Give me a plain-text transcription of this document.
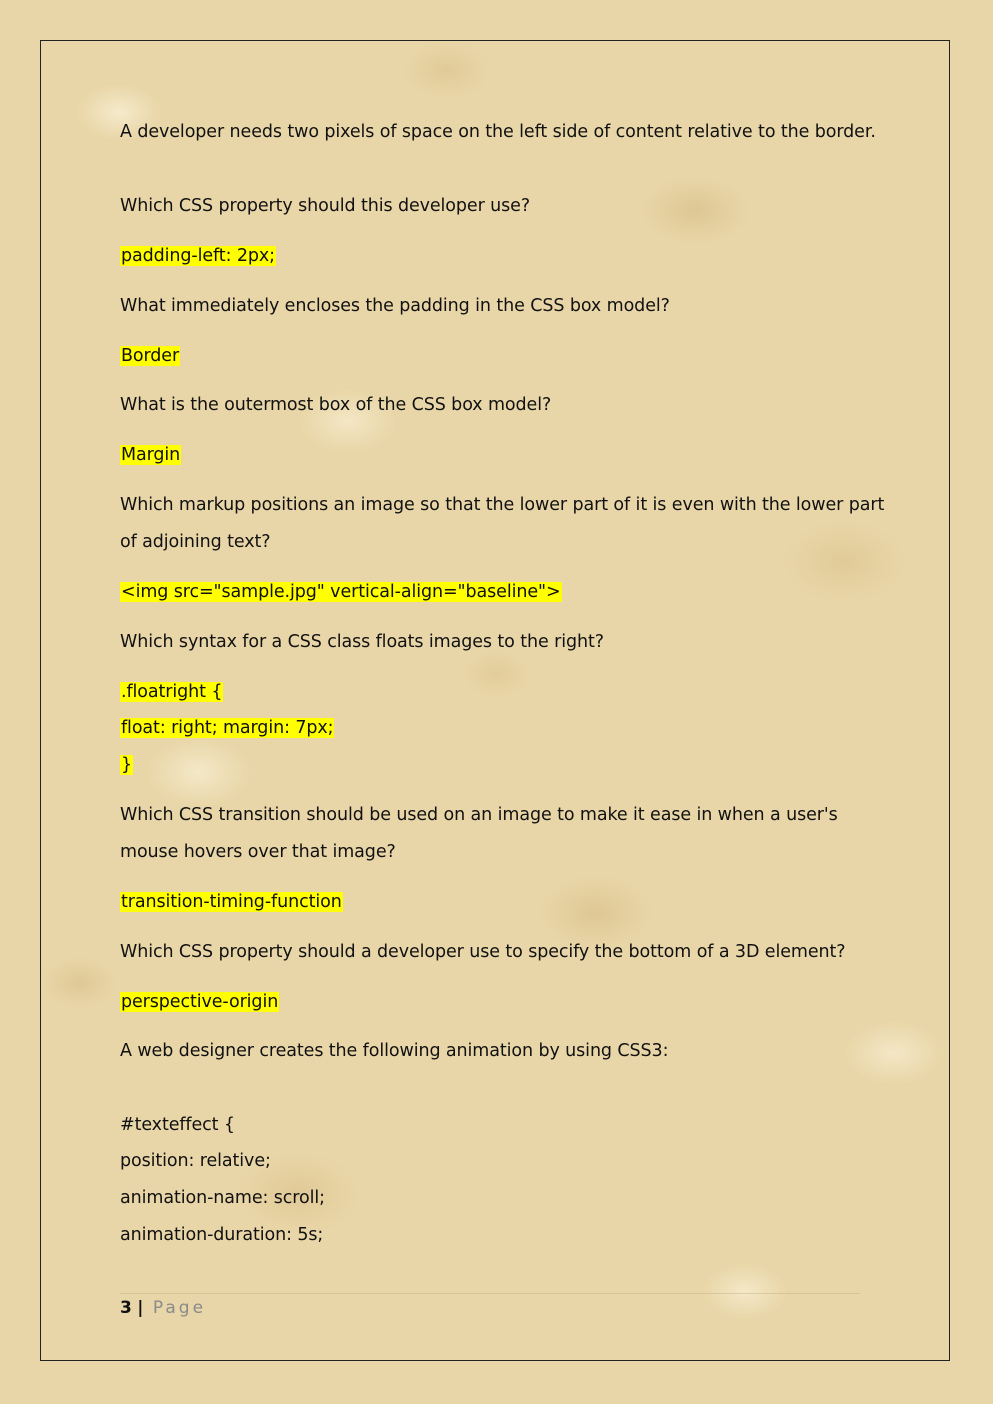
A developer needs two pixels of space on the left side of content relative to the border.
Which CSS property should this developer use?
padding-left: 2px;
What immediately encloses the padding in the CSS box model?
Border
What is the outermost box of the CSS box model?
Margin
Which markup positions an image so that the lower part of it is even with the lower part
of adjoining text?
<img src="sample.jpg" vertical-align="baseline">
Which syntax for a CSS class floats images to the right?
.floatright {
float: right; margin: 7px;
}
Which CSS transition should be used on an image to make it ease in when a user's
mouse hovers over that image?
transition-timing-function
Which CSS property should a developer use to specify the bottom of a 3D element?
perspective-origin
A web designer creates the following animation by using CSS3:
#texteffect {
position: relative;
animation-name: scroll;
animation-duration: 5s;
3 | Page
